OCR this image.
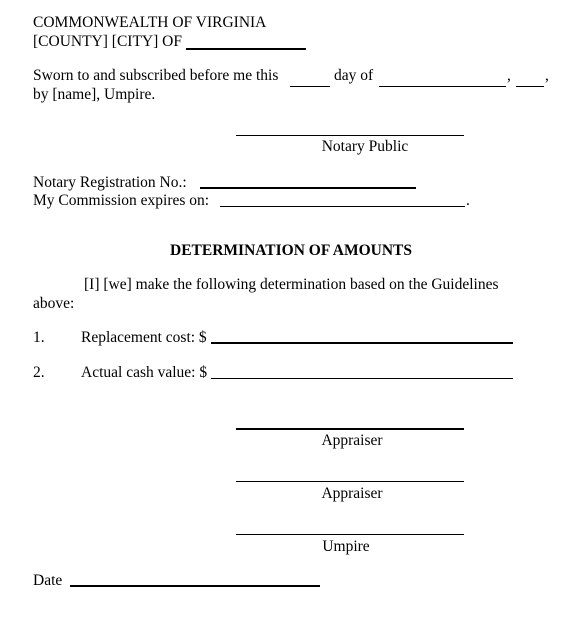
COMMONWEALTH OF VIRGINIA
[COUNTY] [CITY] OF
Sworn to and subscribed before me this	day of	, ,
by [name], Umpire.
Notary Public
Notary Registration No.:
My Commission expires on:	.
DETERMINATION OF AMOUNTS
[I] [we] make the following determination based on the Guidelines
above:
1. Replacement cost: $
2. Actual cash value: $
Appraiser
Appraiser
Umpire
Date
